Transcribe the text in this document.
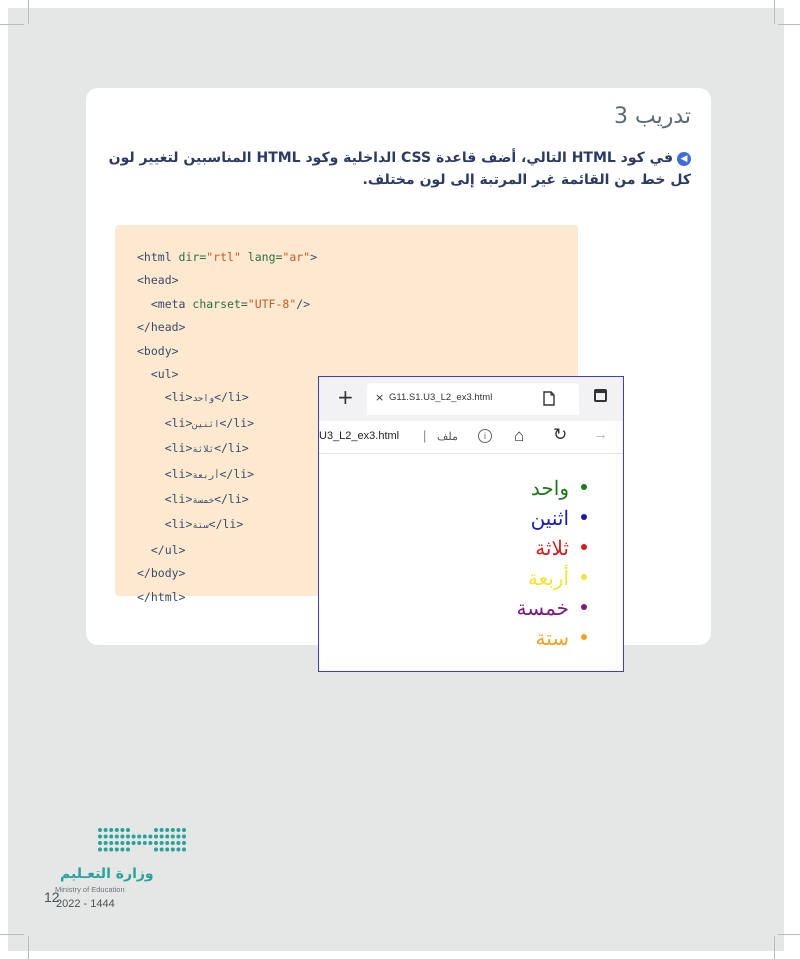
تدريب 3
◀في كود HTML التالي، أضف قاعدة CSS الداخلية وكود HTML المناسبين لتغيير لون كل خط من القائمة غير المرتبة إلى لون مختلف.
<html dir="rtl" lang="ar">
<head>
<meta charset="UTF-8"/>
</head>
<body>
<ul>
<li>واحد</li>
<li>اثنين</li>
<li>ثلاثة</li>
<li>أربعة</li>
<li>خمسة</li>
<li>ستة</li>
</ul>
</body>
</html>
+ × G11.S1.U3_L2_ex3.html
U3_L2_ex3.html | ملف	i	⌂ ↻ →
واحد
اثنين
ثلاثة
أربعة
خمسة
ستة
وزارة التعـليم
Ministry of Education
12
2022 - 1444
